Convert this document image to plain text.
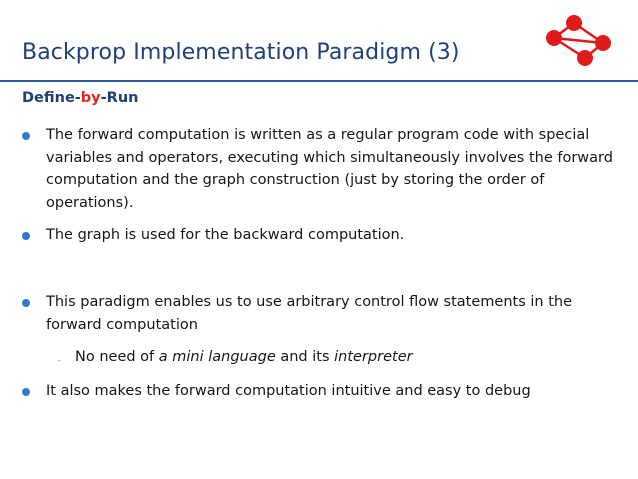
Backprop Implementation Paradigm (3)
Define-by-Run
The forward computation is written as a regular program code with special variables and operators, executing which simultaneously involves the forward computation and the graph construction (just by storing the order of operations).
The graph is used for the backward computation.
This paradigm enables us to use arbitrary control flow statements in the forward computation
– No need of a mini language and its interpreter
It also makes the forward computation intuitive and easy to debug
